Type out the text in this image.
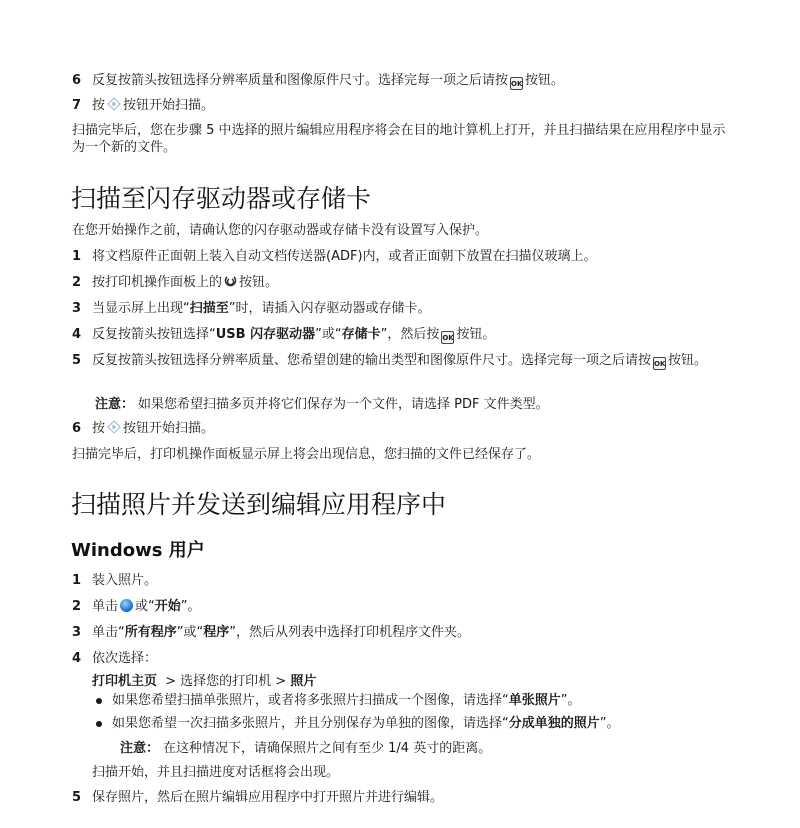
6 反复按箭头按钮选择分辨率质量和图像原件尺寸。选择完每一项之后请按 OK 按钮。
7 按 按钮开始扫描。
扫描完毕后，您在步骤 5 中选择的照片编辑应用程序将会在目的地计算机上打开，并且扫描结果在应用程序中显示为一个新的文件。
扫描至闪存驱动器或存储卡
在您开始操作之前，请确认您的闪存驱动器或存储卡没有设置写入保护。
1 将文档原件正面朝上装入自动文档传送器(ADF)内，或者正面朝下放置在扫描仪玻璃上。
2 按打印机操作面板上的 按钮。
3 当显示屏上出现“扫描至”时，请插入闪存驱动器或存储卡。
4 反复按箭头按钮选择“USB 闪存驱动器”或“存储卡”，然后按 OK 按钮。
5 反复按箭头按钮选择分辨率质量、您希望创建的输出类型和图像原件尺寸。选择完每一项之后请按 OK 按钮。
注意： 如果您希望扫描多页并将它们保存为一个文件，请选择 PDF 文件类型。
6 按 按钮开始扫描。
扫描完毕后，打印机操作面板显示屏上将会出现信息，您扫描的文件已经保存了。
扫描照片并发送到编辑应用程序中
Windows 用户
1 装入照片。
2 单击 或“开始”。
3 单击“所有程序”或“程序”，然后从列表中选择打印机程序文件夹。
4 依次选择：
打印机主页 > 选择您的打印机 > 照片
如果您希望扫描单张照片，或者将多张照片扫描成一个图像，请选择“单张照片”。
如果您希望一次扫描多张照片，并且分别保存为单独的图像，请选择“分成单独的照片”。
注意： 在这种情况下，请确保照片之间有至少 1/4 英寸的距离。
扫描开始，并且扫描进度对话框将会出现。
5 保存照片，然后在照片编辑应用程序中打开照片并进行编辑。
